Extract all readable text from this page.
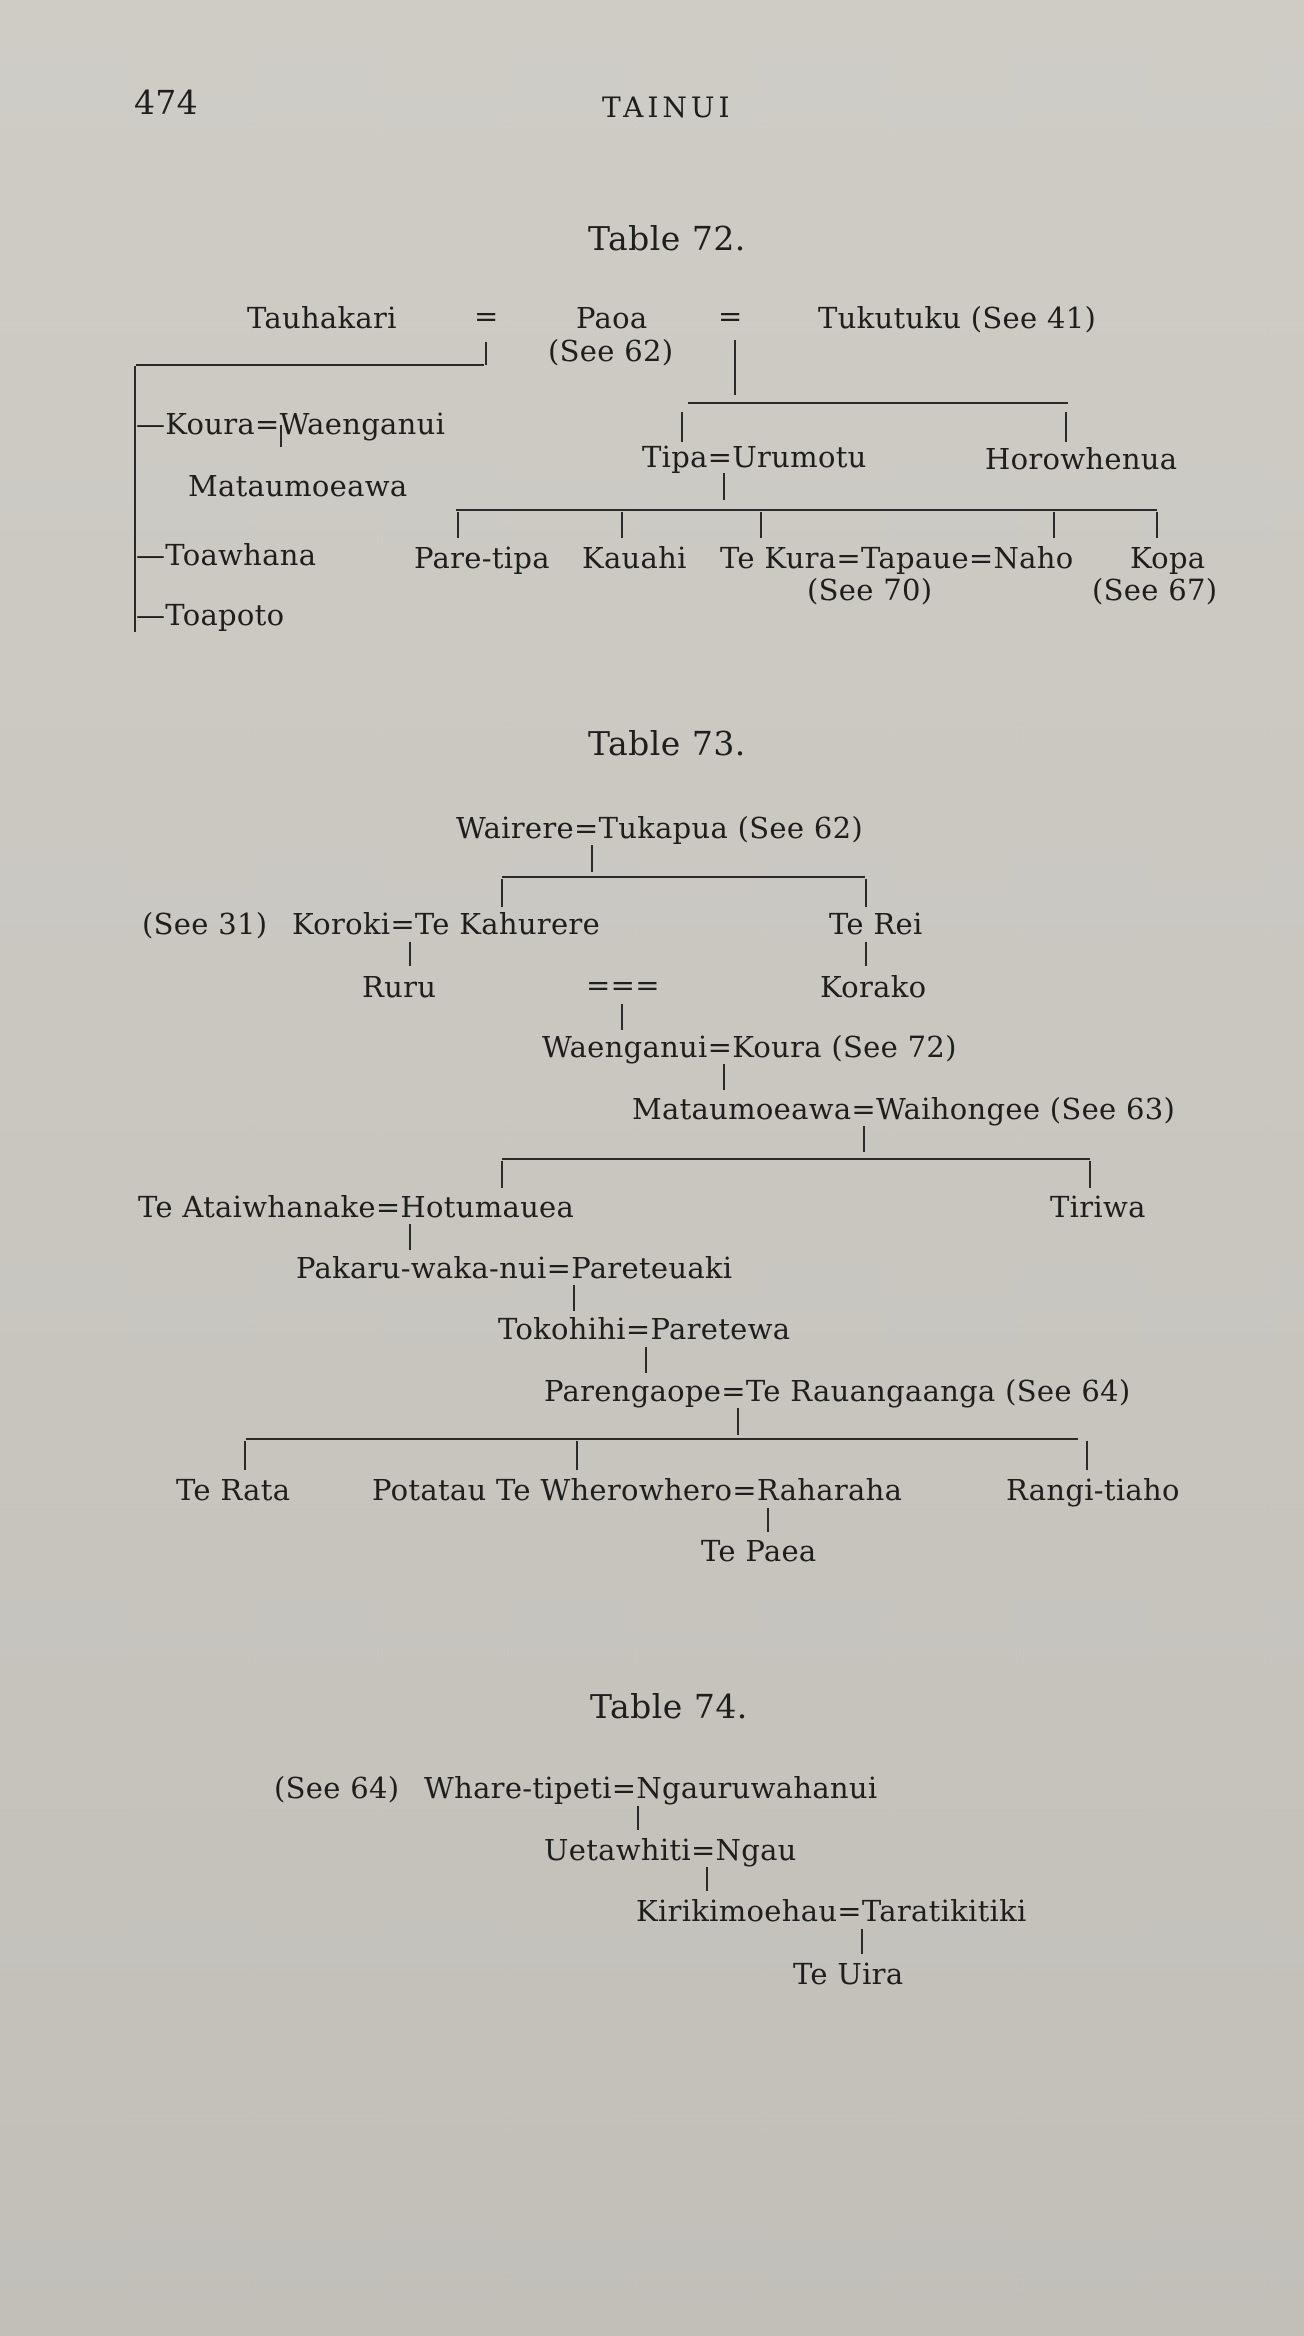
474	TAINUI
Table 72.
Tauhakari	=	Paoa
(See 62)
=	Tukutuku (See 41)
—Koura=Waenganui
Mataumoeawa
—Toawhana
—Toapoto
Tipa=Urumotu	Horowhenua
Pare-tipa Kauahi Te Kura=Tapaue=Naho Kopa
(See 70)	(See 67)
Table 73.
Wairere=Tukapua (See 62)
(See 31) Koroki=Te Kahurere	Te Rei
Ruru	===	Korako
Waenganui=Koura (See 72)
Mataumoeawa=Waihongee (See 63)
Te Ataiwhanake=Hotumauea	Tiriwa
Pakaru-waka-nui=Pareteuaki
Tokohihi=Paretewa
Parengaope=Te Rauangaanga (See 64)
Te Rata	Potatau Te Wherowhero=Raharaha	Rangi-tiaho
Te Paea
Table 74.
(See 64) Whare-tipeti=Ngauruwahanui
Uetawhiti=Ngau
Kirikimoehau=Taratikitiki
Te Uira
